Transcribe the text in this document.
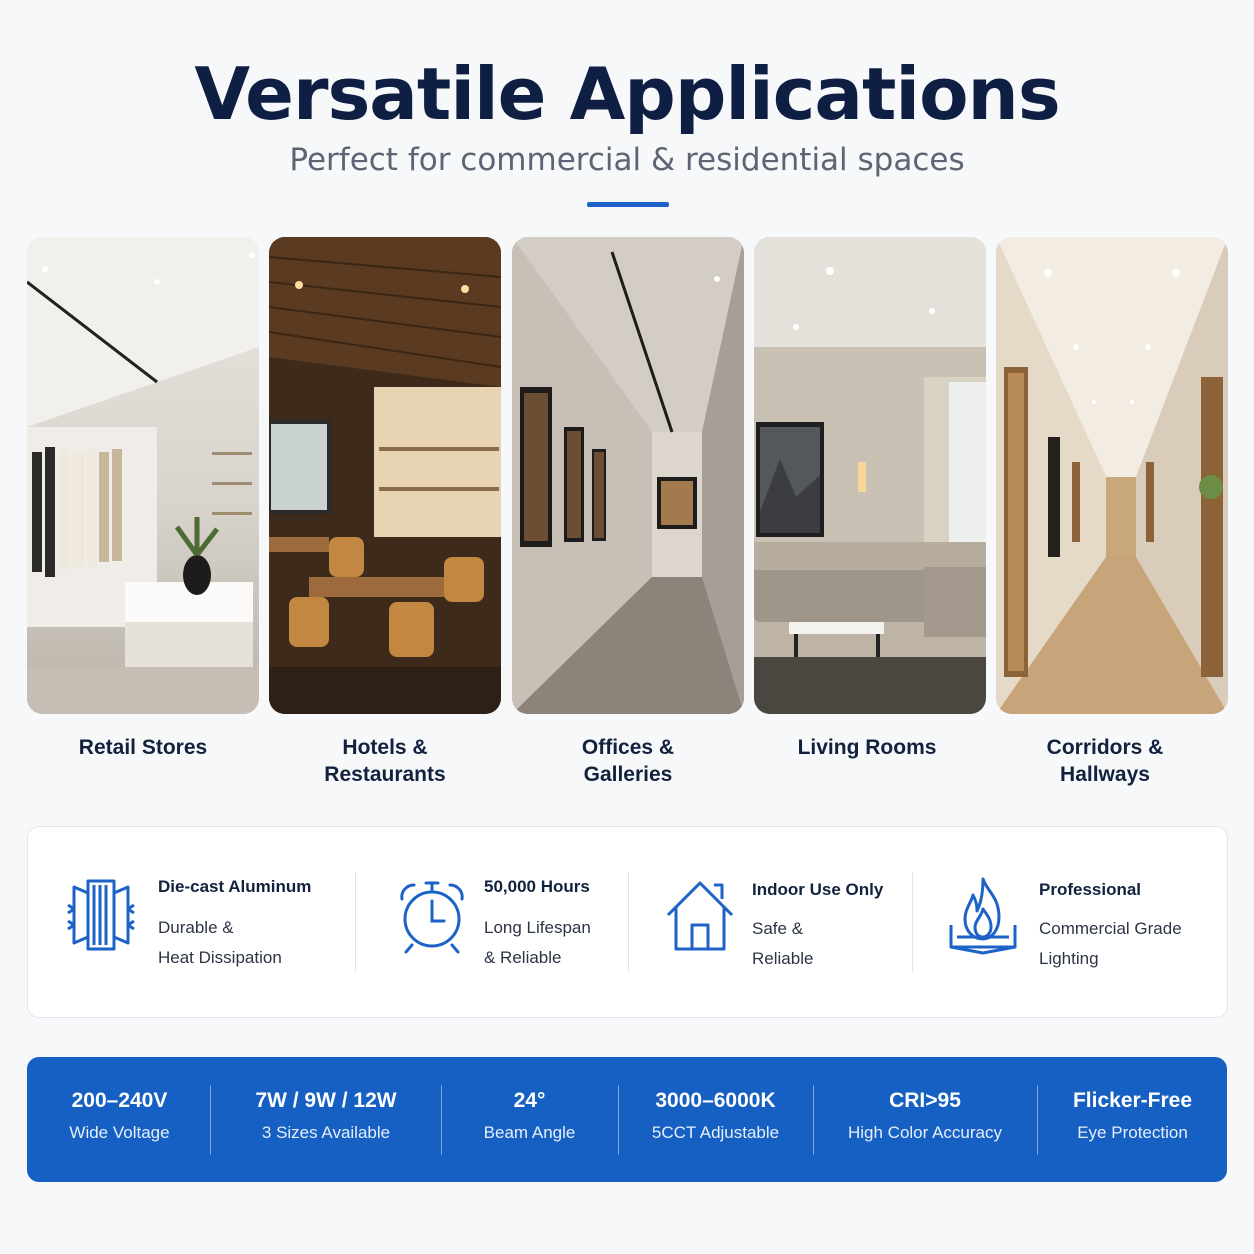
Versatile Applications
Perfect for commercial & residential spaces
Retail Stores	Hotels &
Restaurants
Offices &
Galleries
Living Rooms	Corridors &
Hallways
Die-cast Aluminum
Durable &
Heat Dissipation
50,000 Hours
Long Lifespan
& Reliable
Indoor Use Only
Safe &
Reliable
Professional
Commercial Grade
Lighting
200–240V
Wide Voltage
7W / 9W / 12W
3 Sizes Available
24°
Beam Angle
3000–6000K
5CCT Adjustable
CRI>95
High Color Accuracy
Flicker-Free
Eye Protection
